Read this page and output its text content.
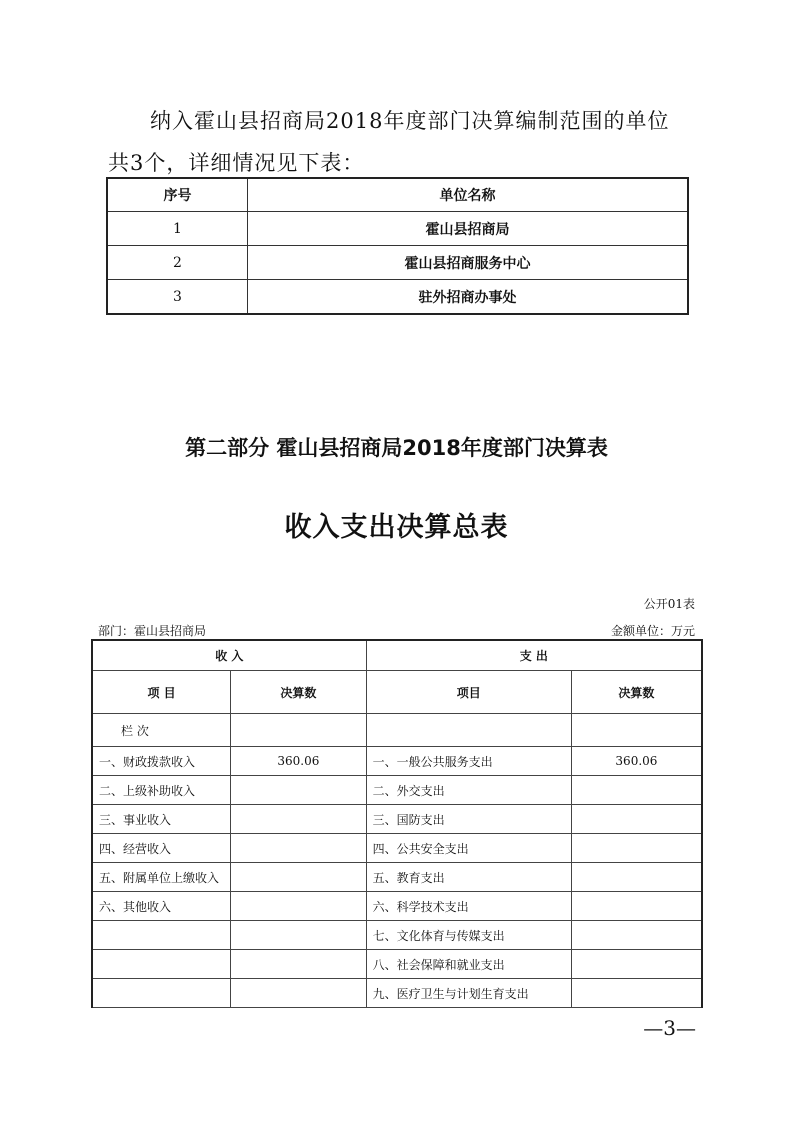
纳入霍山县招商局2018年度部门决算编制范围的单位
共3个，详细情况见下表：

序号	单位名称
1	霍山县招商局
2	霍山县招商服务中心
3	驻外招商办事处
第二部分 霍山县招商局2018年度部门决算表
收入支出决算总表
公开01表
部门：霍山县招商局	金额单位：万元
收 入		支 出	
项 目	决算数	项目	决算数
栏 次			
一、财政拨款收入	360.06	一、一般公共服务支出	360.06
二、上级补助收入		二、外交支出	
三、事业收入		三、国防支出	
四、经营收入		四、公共安全支出	
五、附属单位上缴收入		五、教育支出	
六、其他收入		六、科学技术支出	
		七、文化体育与传媒支出	
		八、社会保障和就业支出	
		九、医疗卫生与计划生育支出	
—3—
